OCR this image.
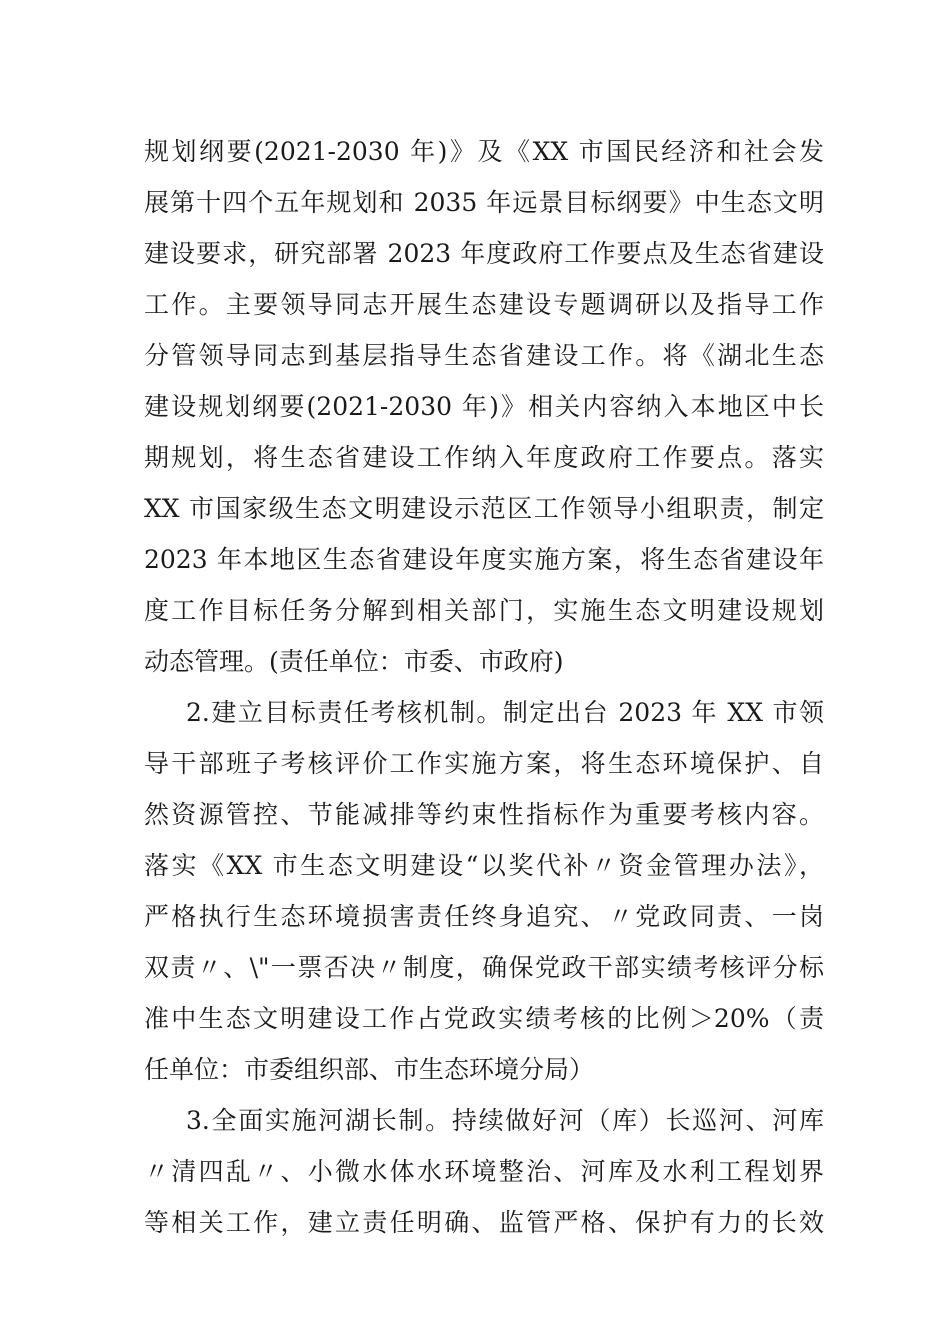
规划纲要(2021-2030 年)》及《XX 市国民经济和社会发
展第十四个五年规划和 2035 年远景目标纲要》中生态文明
建设要求，研究部署 2023 年度政府工作要点及生态省建设
工作。主要领导同志开展生态建设专题调研以及指导工作
分管领导同志到基层指导生态省建设工作。将《湖北生态
建设规划纲要(2021-2030 年)》相关内容纳入本地区中长
期规划，将生态省建设工作纳入年度政府工作要点。落实
XX 市国家级生态文明建设示范区工作领导小组职责，制定
2023 年本地区生态省建设年度实施方案，将生态省建设年
度工作目标任务分解到相关部门，实施生态文明建设规划
动态管理。(责任单位：市委、市政府)
2.建立目标责任考核机制。制定出台 2023 年 XX 市领
导干部班子考核评价工作实施方案，将生态环境保护、自
然资源管控、节能减排等约束性指标作为重要考核内容。
落实《XX 市生态文明建设“以奖代补〃资金管理办法》，
严格执行生态环境损害责任终身追究、〃党政同责、一岗
双责〃、\"一票否决〃制度，确保党政干部实绩考核评分标
准中生态文明建设工作占党政实绩考核的比例＞20%（责
任单位：市委组织部、市生态环境分局）
3.全面实施河湖长制。持续做好河（库）长巡河、河库
〃清四乱〃、小微水体水环境整治、河库及水利工程划界
等相关工作，建立责任明确、监管严格、保护有力的长效
